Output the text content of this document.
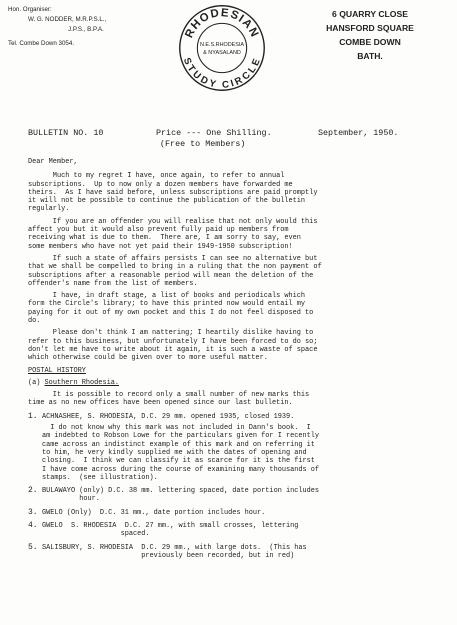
Hon. Organiser:
W. G. NODDER, M.R.P.S.L.,
J.P.S., B.P.A.
Tel. Combe Down 3054.
RHODESIAN
STUDY CIRCLE
N.E.S.RHODESIA
& NYASALAND
6 QUARRY CLOSE
HANSFORD SQUARE
COMBE DOWN
BATH.
BULLETIN NO. 10	Price --- One Shilling.	September, 1950.
(Free to Members)

Dear Member,

Much to my regret I have, once again, to refer to annual
subscriptions.  Up to now only a dozen members have forwarded me
theirs.  As I have said before, unless subscriptions are paid promptly
it will not be possible to continue the publication of the bulletin
regularly.

If you are an offender you will realise that not only would this
affect you but it would also prevent fully paid up members from
receiving what is due to them.  There are, I am sorry to say, even
some members who have not yet paid their 1949-1950 subscription!

If such a state of affairs persists I can see no alternative but
that we shall be compelled to bring in a ruling that the non payment of
subscriptions after a reasonable period will mean the deletion of the
offender's name from the list of members.

I have, in draft stage, a list of books and periodicals which
form the Circle's library; to have this printed now would entail my
paying for it out of my own pocket and this I do not feel disposed to
do.

Please don't think I am nattering; I heartily dislike having to
refer to this business, but unfortunately I have been forced to do so;
don't let me have to write about it again, it is such a waste of space
which otherwise could be given over to more useful matter.

POSTAL HISTORY

(a) Southern Rhodesia.

It is possible to record only a small number of new marks this
time as no new offices have been opened since our last bulletin.

1. ACHNASHEE, S. RHODESIA, D.C. 29 mm. opened 1935, closed 1939.
I do not know why this mark was not included in Dann's book.  I
am indebted to Robson Lowe for the particulars given for I recently
came across an indistinct example of this mark and on referring it
to him, he very kindly supplied me with the dates of opening and
closing.  I think we can classify it as scarce for it is the first
I have come across during the course of examining many thousands of
stamps.  (see illustration).
2. BULAWAYO (only) D.C. 38 mm. lettering spaced, date portion includes
hour.
3. GWELO (Only)  D.C. 31 mm., date portion includes hour.
4. GWELO  S. RHODESIA  D.C. 27 mm., with small crosses, lettering
spaced.
5. SALISBURY, S. RHODESIA  D.C. 29 mm., with large dots.  (This has
previously been recorded, but in red)
